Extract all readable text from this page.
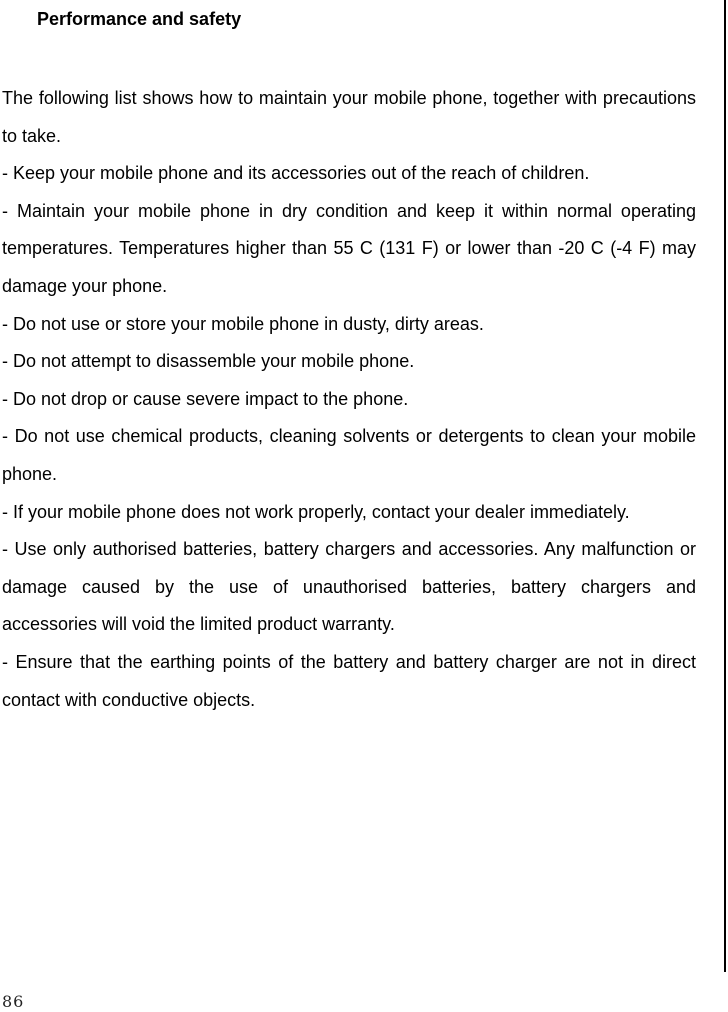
Performance and safety

The following list shows how to maintain your mobile phone, together with precautions to take.

- Keep your mobile phone and its accessories out of the reach of children.

- Maintain your mobile phone in dry condition and keep it within normal operating temperatures. Temperatures higher than 55 C (131 F) or lower than -20 C (-4 F) may damage your phone.

- Do not use or store your mobile phone in dusty, dirty areas.

- Do not attempt to disassemble your mobile phone.

- Do not drop or cause severe impact to the phone.

- Do not use chemical products, cleaning solvents or detergents to clean your mobile phone.

- If your mobile phone does not work properly, contact your dealer immediately.

- Use only authorised batteries, battery chargers and accessories. Any malfunction or damage caused by the use of unauthorised batteries, battery chargers and accessories will void the limited product warranty.

- Ensure that the earthing points of the battery and battery charger are not in direct contact with conductive objects.

86
